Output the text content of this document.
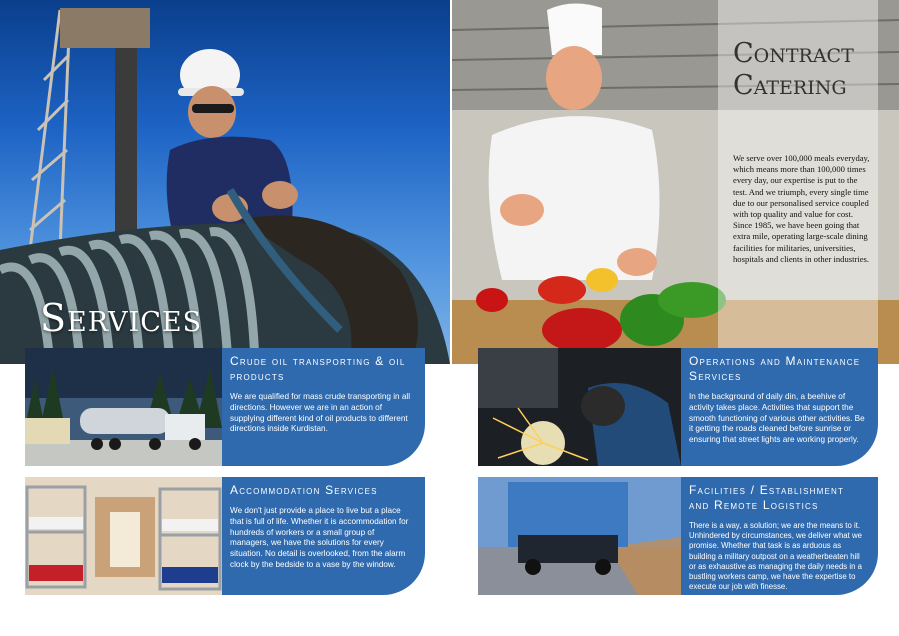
Services
Contract
Catering
We serve over 100,000 meals everyday, which means more than 100,000 times every day, our expertise is put to the test. And we triumph, every single time due to our personalised service coupled with top quality and value for cost. Since 1985, we have been going that extra mile, operating large-scale dining facilities for militaries, universities, hospitals and clients in other industries.
Crude oil transporting & oil products

We are qualified for mass crude transporting in all directions. However we are in an action of supplying different kind of oil products to different directions inside Kurdistan.

Accommodation Services

We don't just provide a place to live but a place that is full of life. Whether it is accommodation for hundreds of workers or a small group of managers, we have the solutions for every situation. No detail is overlooked, from the alarm clock by the bedside to a vase by the window.

Operations and Maintenance Services

In the background of daily din, a beehive of activity takes place. Activities that support the smooth functioning of various other activities. Be it getting the roads cleaned before sunrise or ensuring that street lights are working properly.

Facilities / Establishment and Remote Logistics

There is a way, a solution; we are the means to it. Unhindered by circumstances, we deliver what we promise. Whether that task is as arduous as building a military outpost on a weatherbeaten hill or as exhaustive as managing the daily needs in a bustling workers camp, we have the expertise to execute our job with finesse.
